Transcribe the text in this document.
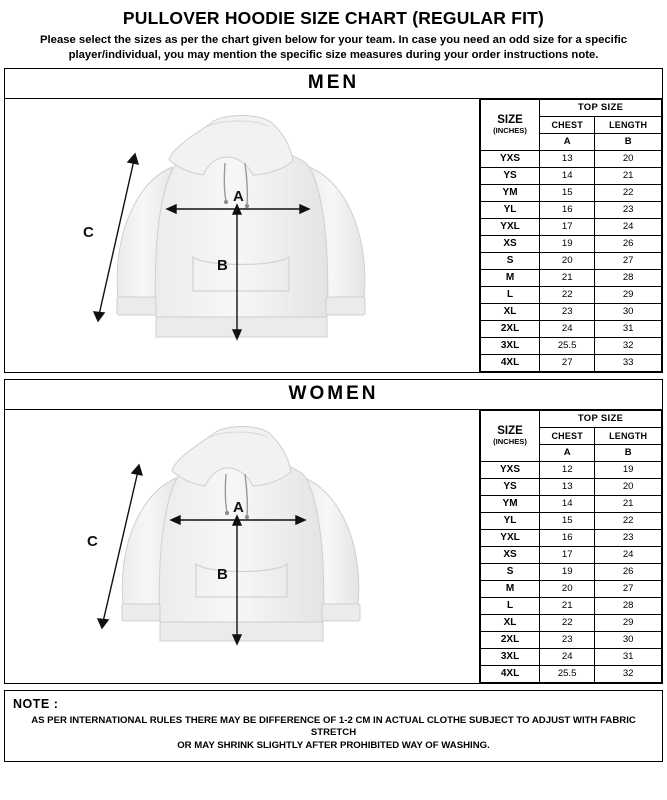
PULLOVER HOODIE SIZE CHART (REGULAR FIT)
Please select the sizes as per the chart given below for your team. In case you need an odd size for a specific player/individual, you may mention the specific size measures during your order instructions note.
MEN
A
B
C
SIZE
(INCHES)	TOP SIZE	
	CHEST	LENGTH
	A	B
YXS	13	20
YS	14	21
YM	15	22
YL	16	23
YXL	17	24
XS	19	26
S	20	27
M	21	28
L	22	29
XL	23	30
2XL	24	31
3XL	25.5	32
4XL	27	33
WOMEN
A
B
C
SIZE
(INCHES)	TOP SIZE	
	CHEST	LENGTH
	A	B
YXS	12	19
YS	13	20
YM	14	21
YL	15	22
YXL	16	23
XS	17	24
S	19	26
M	20	27
L	21	28
XL	22	29
2XL	23	30
3XL	24	31
4XL	25.5	32
NOTE :
AS PER INTERNATIONAL RULES THERE MAY BE DIFFERENCE OF 1-2 CM IN ACTUAL CLOTHE SUBJECT TO ADJUST WITH FABRIC STRETCH
OR MAY SHRINK SLIGHTLY AFTER PROHIBITED WAY OF WASHING.
